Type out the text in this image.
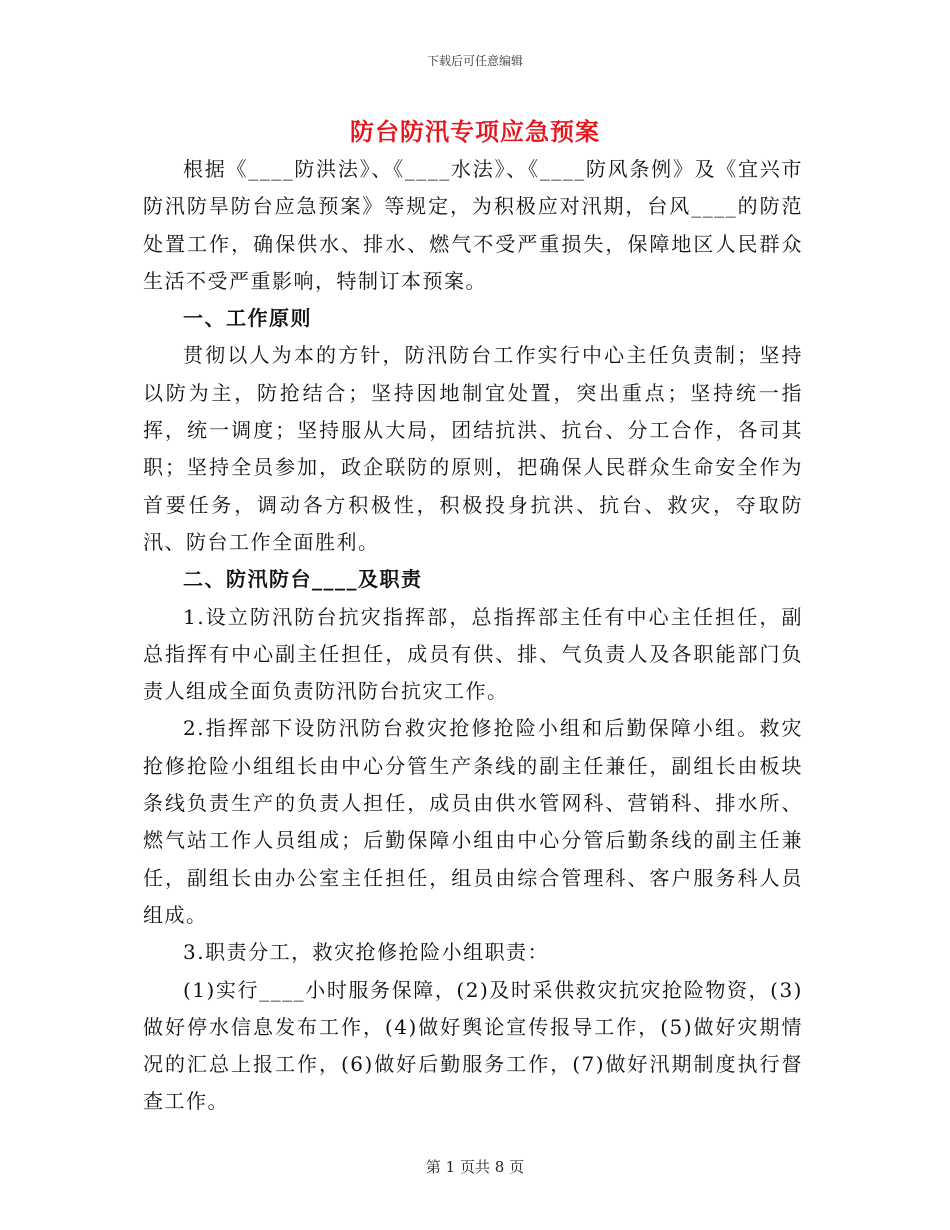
下载后可任意编辑
防台防汛专项应急预案

根据《____防洪法》、《____水法》、《____防风条例》及《宜兴市防汛防旱防台应急预案》等规定，为积极应对汛期，台风____的防范处置工作，确保供水、排水、燃气不受严重损失，保障地区人民群众生活不受严重影响，特制订本预案。

一、工作原则

贯彻以人为本的方针，防汛防台工作实行中心主任负责制；坚持以防为主，防抢结合；坚持因地制宜处置，突出重点；坚持统一指挥，统一调度；坚持服从大局，团结抗洪、抗台、分工合作，各司其职；坚持全员参加，政企联防的原则，把确保人民群众生命安全作为首要任务，调动各方积极性，积极投身抗洪、抗台、救灾，夺取防汛、防台工作全面胜利。

二、防汛防台____及职责

1.设立防汛防台抗灾指挥部，总指挥部主任有中心主任担任，副总指挥有中心副主任担任，成员有供、排、气负责人及各职能部门负责人组成全面负责防汛防台抗灾工作。

2.指挥部下设防汛防台救灾抢修抢险小组和后勤保障小组。救灾抢修抢险小组组长由中心分管生产条线的副主任兼任，副组长由板块条线负责生产的负责人担任，成员由供水管网科、营销科、排水所、燃气站工作人员组成；后勤保障小组由中心分管后勤条线的副主任兼任，副组长由办公室主任担任，组员由综合管理科、客户服务科人员组成。

3.职责分工，救灾抢修抢险小组职责：

(1)实行____小时服务保障，(2)及时采供救灾抗灾抢险物资，(3)做好停水信息发布工作，(4)做好舆论宣传报导工作，(5)做好灾期情况的汇总上报工作，(6)做好后勤服务工作，(7)做好汛期制度执行督查工作。

第 1 页共 8 页
